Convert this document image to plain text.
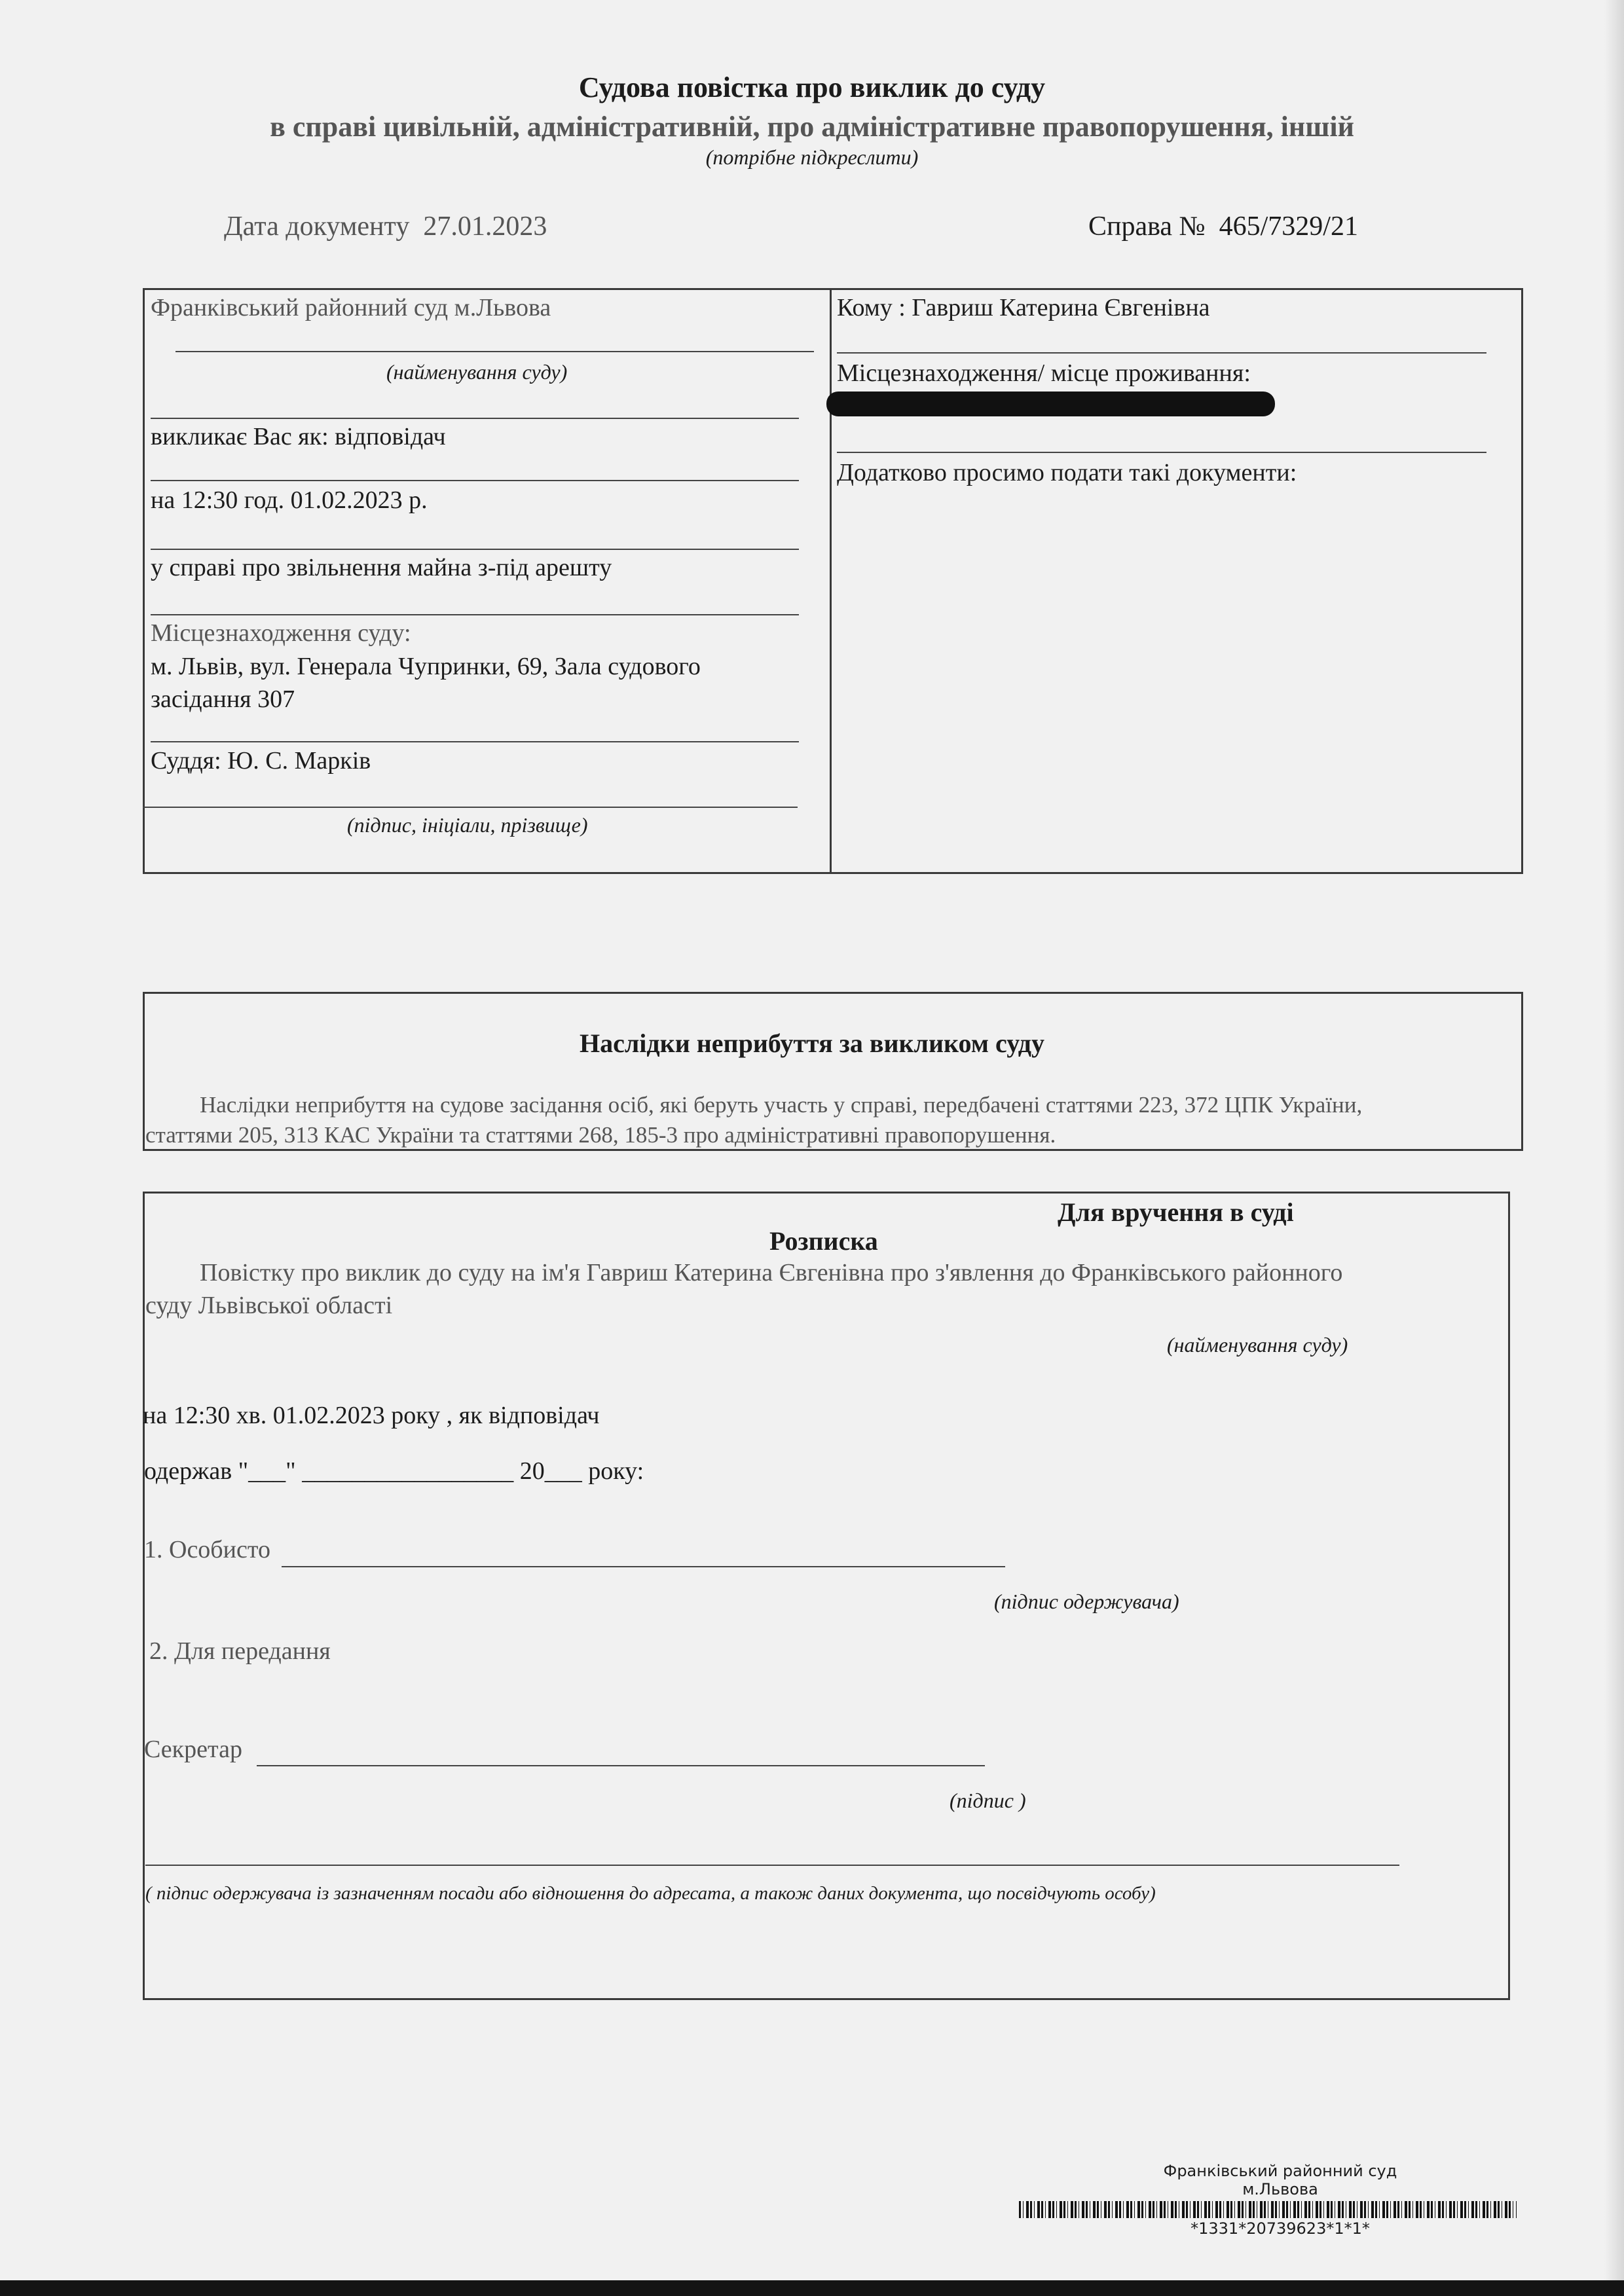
Судова повістка про виклик до суду
в справі цивільній, адміністративній, про адміністративне правопорушення, іншій
(потрібне підкреслити)
Дата документу 27.01.2023	Справа № 465/7329/21
Франківський районний суд м.Львова
(найменування суду)
викликає Вас як: відповідач
на 12:30 год. 01.02.2023 р.
у справі про звільнення майна з-під арешту
Місцезнаходження суду:
м. Львів, вул. Генерала Чупринки, 69, Зала судового
засідання 307
Суддя: Ю. С. Марків
(підпис, ініціали, прізвище)
Кому : Гавриш Катерина Євгенівна
Місцезнаходження/ місце проживання:
Додатково просимо подати такі документи:
Наслідки неприбуття за викликом суду
Наслідки неприбуття на судове засідання осіб, які беруть участь у справі, передбачені статтями 223, 372 ЦПК України,
статтями 205, 313 КАС України та статтями 268, 185-3 про адміністративні правопорушення.
Для вручення в суді
Розписка
Повістку про виклик до суду на ім'я Гавриш Катерина Євгенівна про з'явлення до Франківського районного
суду Львівської області
(найменування суду)
на 12:30 хв. 01.02.2023 року , як відповідач
одержав "___" _________________ 20___ року:
1. Особисто
(підпис одержувача)
2. Для передання
Секретар
(підпис )
( підпис одержувача із зазначенням посади або відношення до адресата, а також даних документа, що посвідчують особу)
Франківський районний суд
м.Львова
*1331*20739623*1*1*
